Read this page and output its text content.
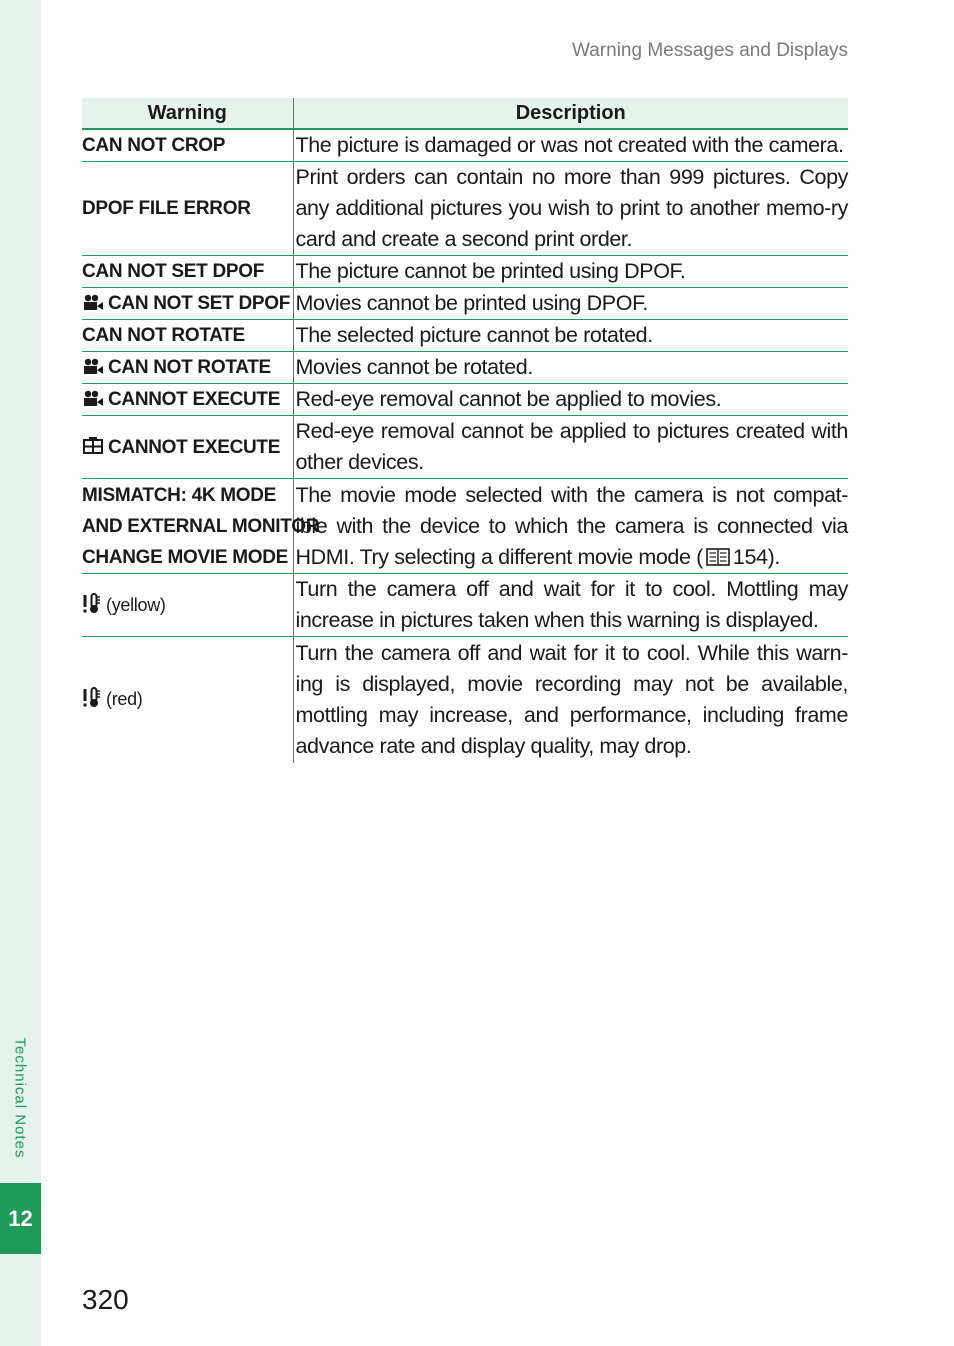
Technical Notes
12
Warning Messages and Displays
Warning	Description
CAN NOT CROP	The picture is damaged or was not created with the camera.
DPOF FILE ERROR	Print orders can contain no more than 999 pictures. Copy any additional pictures you wish to print to another memo-ry card and create a second print order.
CAN NOT SET DPOF	The picture cannot be printed using DPOF.
CAN NOT SET DPOF	Movies cannot be printed using DPOF.
CAN NOT ROTATE	The selected picture cannot be rotated.
CAN NOT ROTATE	Movies cannot be rotated.
CANNOT EXECUTE	Red-eye removal cannot be applied to movies.
CANNOT EXECUTE	Red-eye removal cannot be applied to pictures created with other devices.

MISMATCH: 4K MODE
AND EXTERNAL MONITOR
CHANGE MOVIE MODE	The movie mode selected with the camera is not compat-ible with the device to which the camera is connected via HDMI. Try selecting a different movie mode ( 154).
(yellow)	Turn the camera off and wait for it to cool. Mottling may increase in pictures taken when this warning is displayed.
(red)	Turn the camera off and wait for it to cool. While this warn-ing is displayed, movie recording may not be available, mottling may increase, and performance, including frame advance rate and display quality, may drop.
320
